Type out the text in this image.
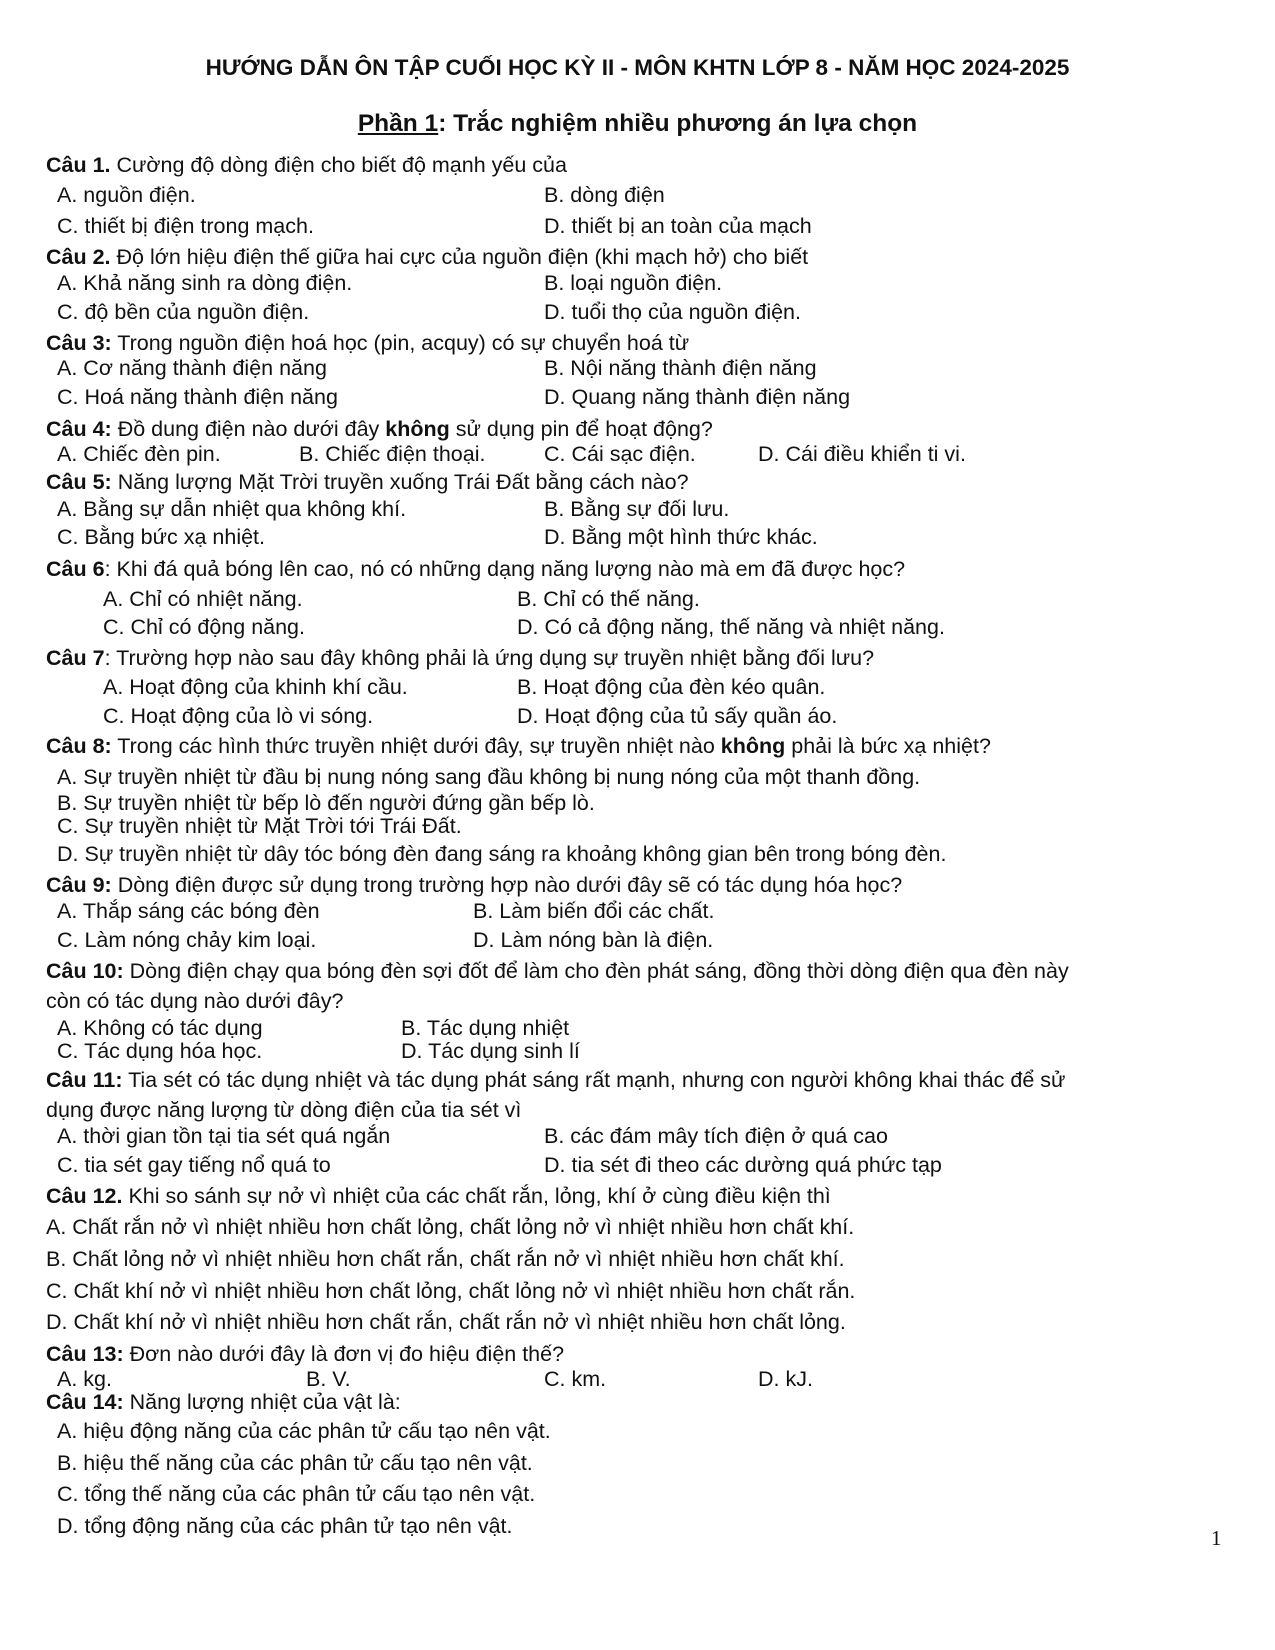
HƯỚNG DẪN ÔN TẬP CUỐI HỌC KỲ II - MÔN KHTN LỚP 8 - NĂM HỌC 2024-2025
Phần 1: Trắc nghiệm nhiều phương án lựa chọn
Câu 1. Cường độ dòng điện cho biết độ mạnh yếu của
A. nguồn điện.	B. dòng điện
C. thiết bị điện trong mạch.	D. thiết bị an toàn của mạch
Câu 2. Độ lớn hiệu điện thế giữa hai cực của nguồn điện (khi mạch hở) cho biết
A. Khả năng sinh ra dòng điện.	B. loại nguồn điện.
C. độ bền của nguồn điện.	D. tuổi thọ của nguồn điện.
Câu 3: Trong nguồn điện hoá học (pin, acquy) có sự chuyển hoá từ
A. Cơ năng thành điện năng	B. Nội năng thành điện năng
C. Hoá năng thành điện năng	D. Quang năng thành điện năng
Câu 4: Đồ dung điện nào dưới đây không sử dụng pin để hoạt động?
A. Chiếc đèn pin.	B. Chiếc điện thoại.	C. Cái sạc điện.	D. Cái điều khiển ti vi.
Câu 5: Năng lượng Mặt Trời truyền xuống Trái Đất bằng cách nào?
A. Bằng sự dẫn nhiệt qua không khí.	B. Bằng sự đối lưu.
C. Bằng bức xạ nhiệt.	D. Bằng một hình thức khác.
Câu 6: Khi đá quả bóng lên cao, nó có những dạng năng lượng nào mà em đã được học?
A. Chỉ có nhiệt năng.	B. Chỉ có thế năng.
C. Chỉ có động năng.	D. Có cả động năng, thế năng và nhiệt năng.
Câu 7: Trường hợp nào sau đây không phải là ứng dụng sự truyền nhiệt bằng đối lưu?
A. Hoạt động của khinh khí cầu.	B. Hoạt động của đèn kéo quân.
C. Hoạt động của lò vi sóng.	D. Hoạt động của tủ sấy quần áo.
Câu 8: Trong các hình thức truyền nhiệt dưới đây, sự truyền nhiệt nào không phải là bức xạ nhiệt?
A. Sự truyền nhiệt từ đầu bị nung nóng sang đầu không bị nung nóng của một thanh đồng.
B. Sự truyền nhiệt từ bếp lò đến người đứng gần bếp lò.
C. Sự truyền nhiệt từ Mặt Trời tới Trái Đất.
D. Sự truyền nhiệt từ dây tóc bóng đèn đang sáng ra khoảng không gian bên trong bóng đèn.
Câu 9: Dòng điện được sử dụng trong trường hợp nào dưới đây sẽ có tác dụng hóa học?
A. Thắp sáng các bóng đèn	B. Làm biến đổi các chất.
C. Làm nóng chảy kim loại.	D. Làm nóng bàn là điện.
Câu 10: Dòng điện chạy qua bóng đèn sợi đốt để làm cho đèn phát sáng, đồng thời dòng điện qua đèn này
còn có tác dụng nào dưới đây?
A. Không có tác dụng	B. Tác dụng nhiệt
C. Tác dụng hóa học.	D. Tác dụng sinh lí
Câu 11: Tia sét có tác dụng nhiệt và tác dụng phát sáng rất mạnh, nhưng con người không khai thác để sử
dụng được năng lượng từ dòng điện của tia sét vì
A. thời gian tồn tại tia sét quá ngắn	B. các đám mây tích điện ở quá cao
C. tia sét gay tiếng nổ quá to	D. tia sét đi theo các dường quá phức tạp
Câu 12. Khi so sánh sự nở vì nhiệt của các chất rắn, lỏng, khí ở cùng điều kiện thì
A. Chất rắn nở vì nhiệt nhiều hơn chất lỏng, chất lỏng nở vì nhiệt nhiều hơn chất khí.
B. Chất lỏng nở vì nhiệt nhiều hơn chất rắn, chất rắn nở vì nhiệt nhiều hơn chất khí.
C. Chất khí nở vì nhiệt nhiều hơn chất lỏng, chất lỏng nở vì nhiệt nhiều hơn chất rắn.
D. Chất khí nở vì nhiệt nhiều hơn chất rắn, chất rắn nở vì nhiệt nhiều hơn chất lỏng.
Câu 13: Đơn nào dưới đây là đơn vị đo hiệu điện thế?
A. kg.	B. V.	C. km.	D. kJ.
Câu 14: Năng lượng nhiệt của vật là:
A. hiệu động năng của các phân tử cấu tạo nên vật.
B. hiệu thế năng của các phân tử cấu tạo nên vật.
C. tổng thế năng của các phân tử cấu tạo nên vật.
D. tổng động năng của các phân tử tạo nên vật.	1
